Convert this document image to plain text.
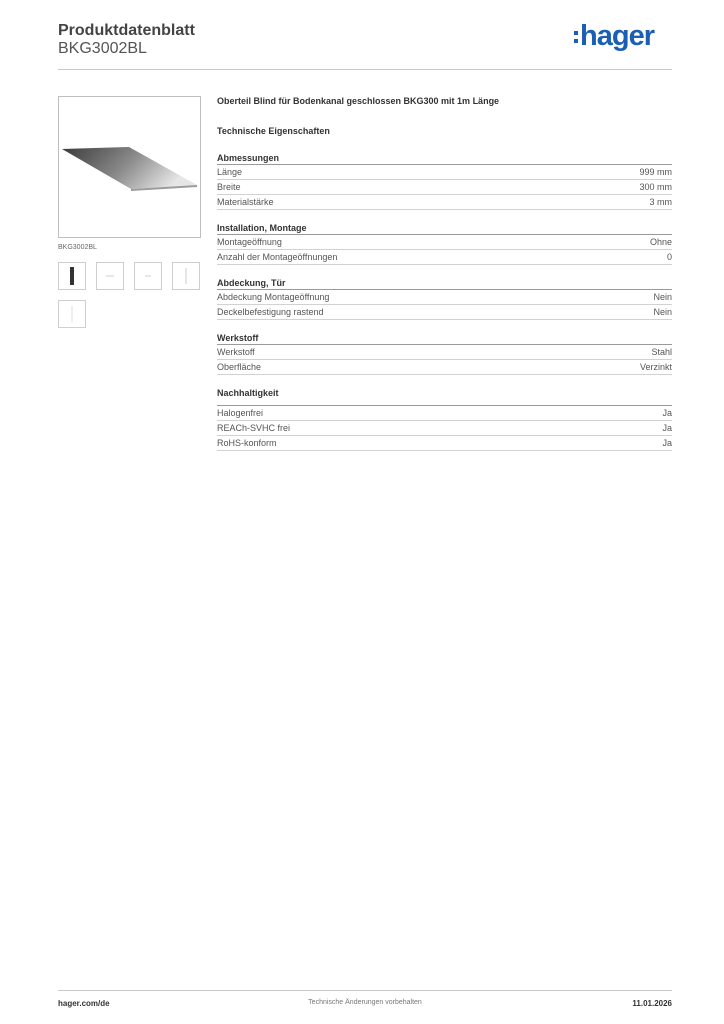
Produktdatenblatt
BKG3002BL	hager
BKG3002BL
Oberteil Blind für Bodenkanal geschlossen BKG300 mit 1m Länge
Technische Eigenschaften
Abmessungen
Länge	999 mm
Breite	300 mm
Materialstärke	3 mm
Installation, Montage
Montageöffnung	Ohne
Anzahl der Montageöffnungen	0
Abdeckung, Tür
Abdeckung Montageöffnung	Nein
Deckelbefestigung rastend	Nein
Werkstoff
Werkstoff	Stahl
Oberfläche	Verzinkt
Nachhaltigkeit
Halogenfrei	Ja
REACh-SVHC frei	Ja
RoHS-konform	Ja
hager.com/de	Technische Änderungen vorbehalten	11.01.2026
